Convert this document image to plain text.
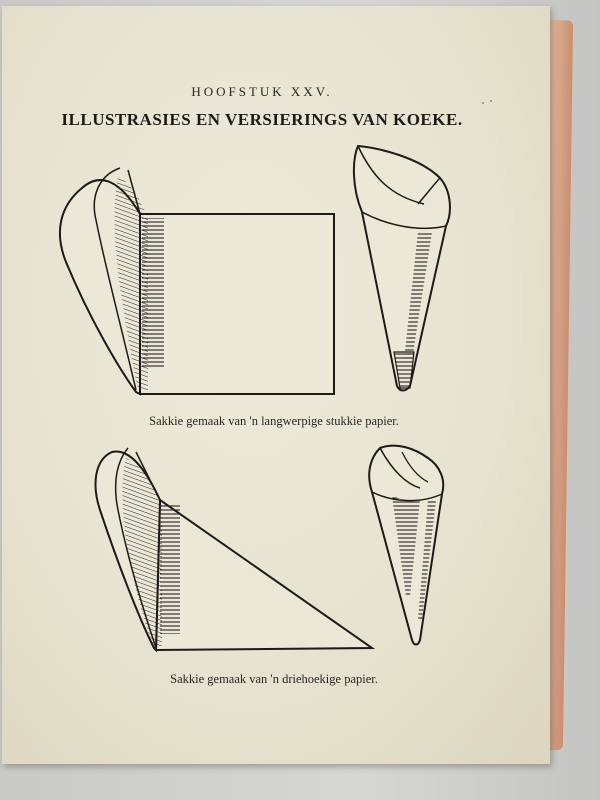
HOOFSTUK XXV.
ILLUSTRASIES EN VERSIERINGS VAN KOEKE.
Sakkie gemaak van 'n langwerpige stukkie papier.
Sakkie gemaak van 'n driehoekige papier.
